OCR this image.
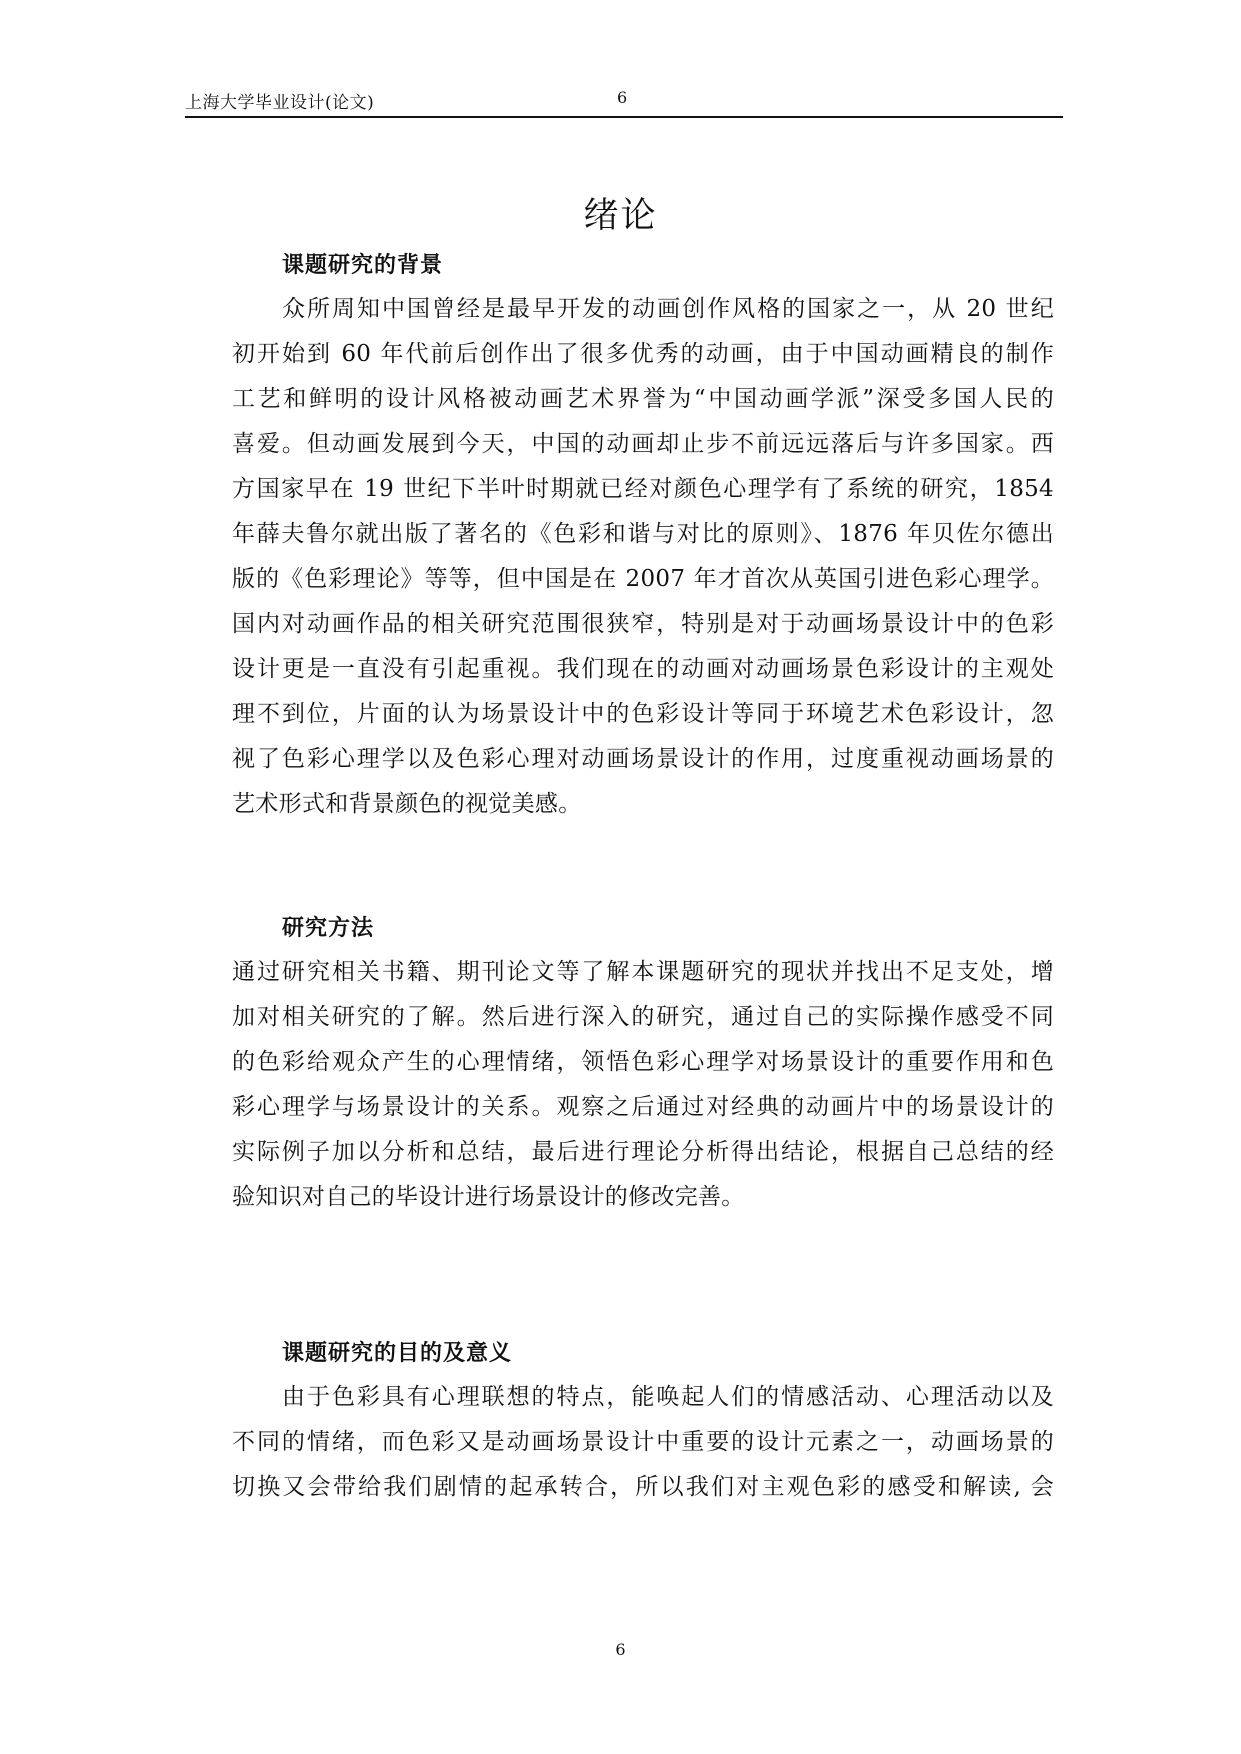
上海大学毕业设计(论文)	6
绪论
课题研究的背景
众所周知中国曾经是最早开发的动画创作风格的国家之一，从 20 世纪
初开始到 60 年代前后创作出了很多优秀的动画，由于中国动画精良的制作
工艺和鲜明的设计风格被动画艺术界誉为“中国动画学派”深受多国人民的
喜爱。但动画发展到今天，中国的动画却止步不前远远落后与许多国家。西
方国家早在 19 世纪下半叶时期就已经对颜色心理学有了系统的研究，1854
年薛夫鲁尔就出版了著名的《色彩和谐与对比的原则》、1876 年贝佐尔德出
版的《色彩理论》等等，但中国是在 2007 年才首次从英国引进色彩心理学。
国内对动画作品的相关研究范围很狭窄，特别是对于动画场景设计中的色彩
设计更是一直没有引起重视。我们现在的动画对动画场景色彩设计的主观处
理不到位，片面的认为场景设计中的色彩设计等同于环境艺术色彩设计，忽
视了色彩心理学以及色彩心理对动画场景设计的作用，过度重视动画场景的
艺术形式和背景颜色的视觉美感。
研究方法
通过研究相关书籍、期刊论文等了解本课题研究的现状并找出不足支处，增
加对相关研究的了解。然后进行深入的研究，通过自己的实际操作感受不同
的色彩给观众产生的心理情绪，领悟色彩心理学对场景设计的重要作用和色
彩心理学与场景设计的关系。观察之后通过对经典的动画片中的场景设计的
实际例子加以分析和总结，最后进行理论分析得出结论，根据自己总结的经
验知识对自己的毕设计进行场景设计的修改完善。
课题研究的目的及意义
由于色彩具有心理联想的特点，能唤起人们的情感活动、心理活动以及
不同的情绪，而色彩又是动画场景设计中重要的设计元素之一，动画场景的
切换又会带给我们剧情的起承转合，所以我们对主观色彩的感受和解读, 会
6
